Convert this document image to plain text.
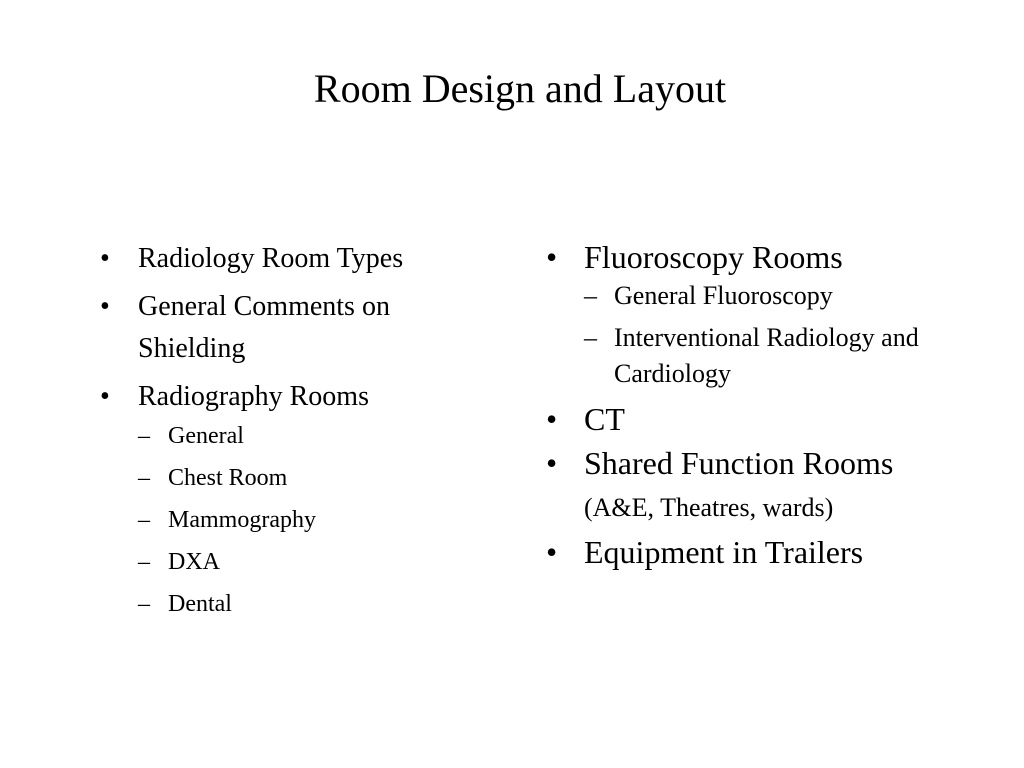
Room Design and Layout
• Radiology Room Types
• General Comments on Shielding
• Radiography Rooms
– General
– Chest Room
– Mammography
– DXA
– Dental
• Fluoroscopy Rooms
– General Fluoroscopy
– Interventional Radiology and Cardiology
• CT
• Shared Function Rooms (A&E, Theatres, wards)
• Equipment in Trailers
